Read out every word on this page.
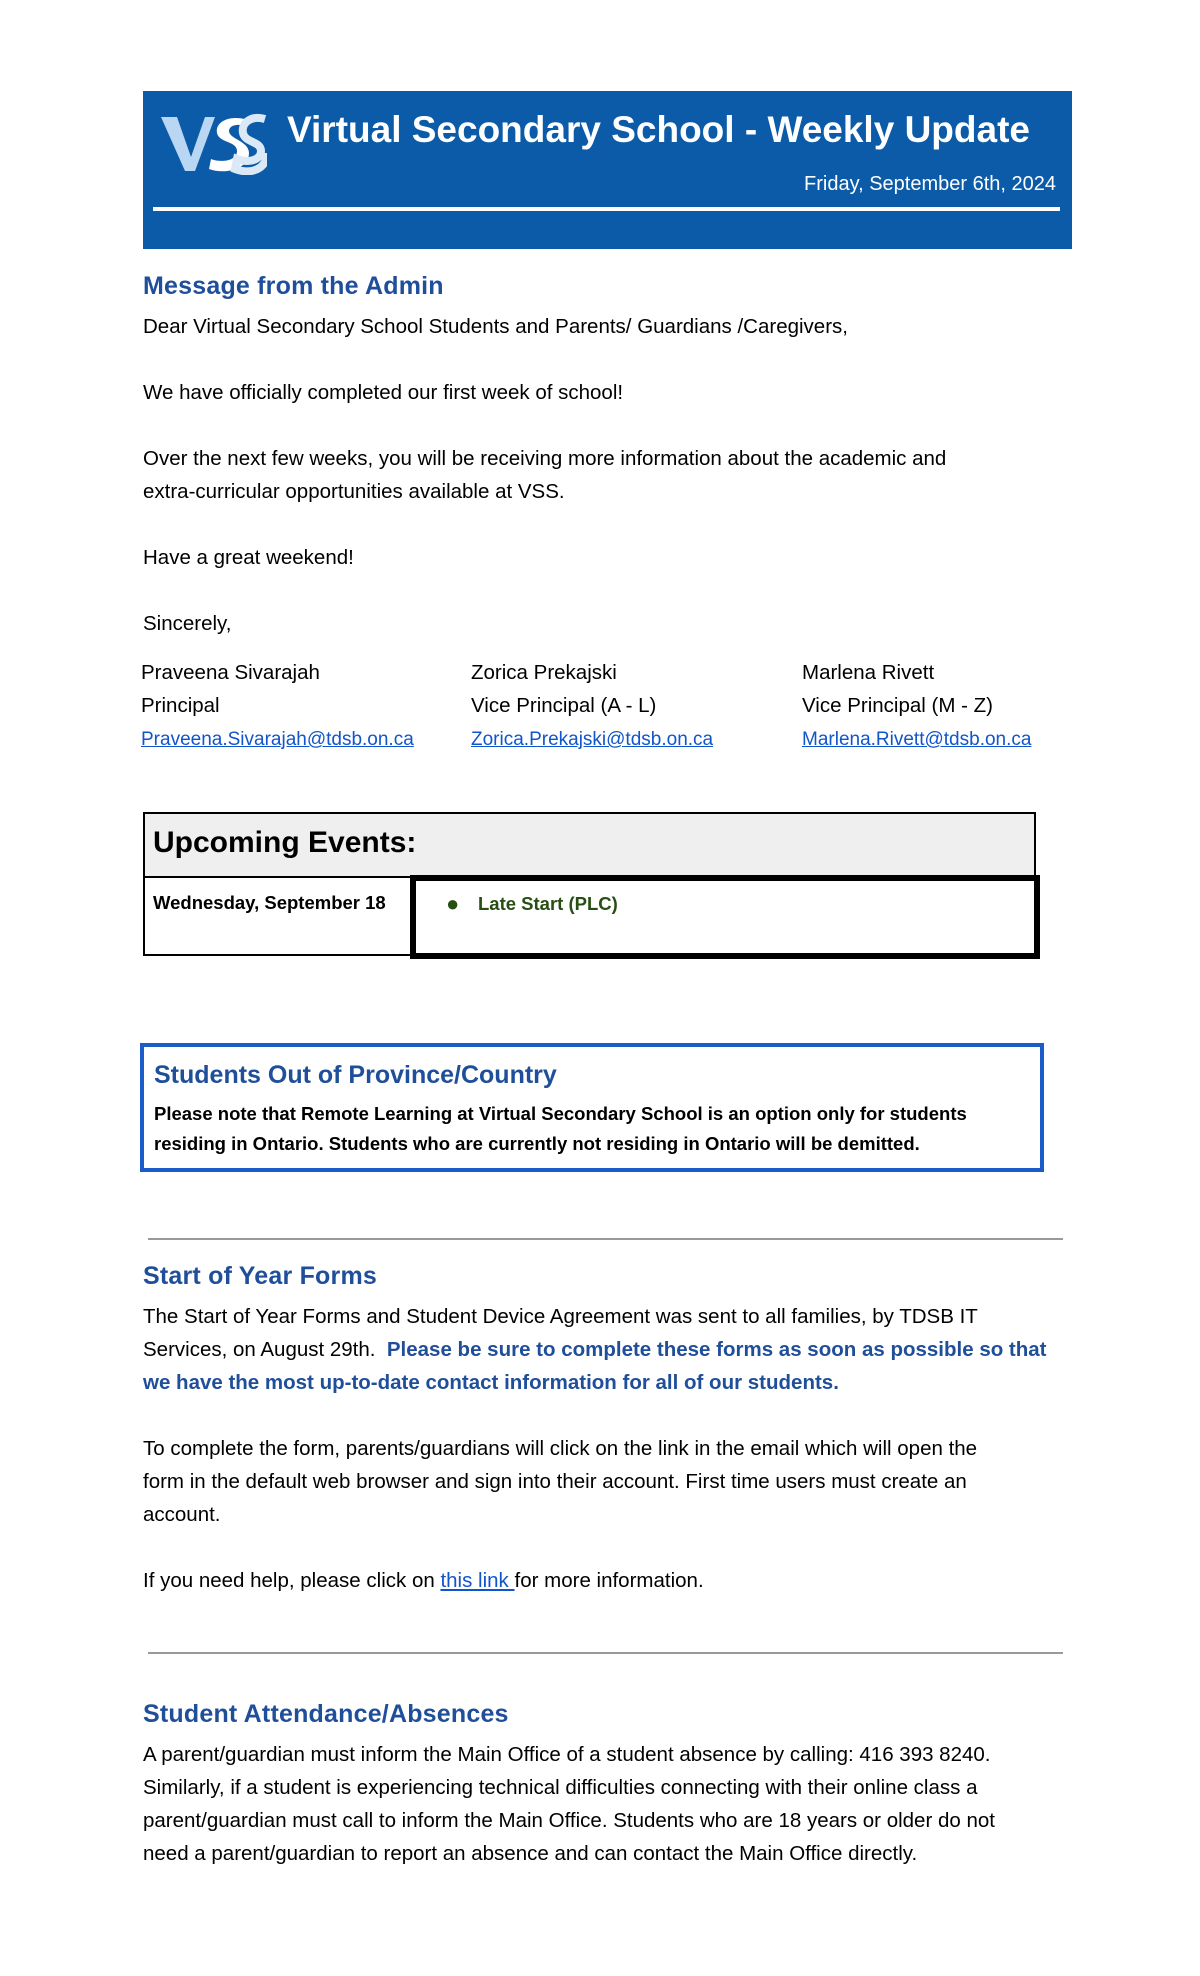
Virtual Secondary School - Weekly Update
Friday, September 6th, 2024
Message from the Admin

Dear Virtual Secondary School Students and Parents/ Guardians /Caregivers,

We have officially completed our first week of school!

Over the next few weeks, you will be receiving more information about the academic and

extra-curricular opportunities available at VSS.

Have a great weekend!

Sincerely,

Praveena Sivarajah
Principal
Praveena.Sivarajah@tdsb.on.ca
Zorica Prekajski
Vice Principal (A - L)
Zorica.Prekajski@tdsb.on.ca
Marlena Rivett
Vice Principal (M - Z)
Marlena.Rivett@tdsb.on.ca
Upcoming Events:
Wednesday, September 18	● Late Start (PLC)
Students Out of Province/Country

Please note that Remote Learning at Virtual Secondary School is an option only for students
residing in Ontario. Students who are currently not residing in Ontario will be demitted.

Start of Year Forms

The Start of Year Forms and Student Device Agreement was sent to all families, by TDSB IT

Services, on August 29th.  Please be sure to complete these forms as soon as possible so that

we have the most up-to-date contact information for all of our students.

To complete the form, parents/guardians will click on the link in the email which will open the

form in the default web browser and sign into their account. First time users must create an

account.

If you need help, please click on this link for more information.

Student Attendance/Absences

A parent/guardian must inform the Main Office of a student absence by calling: 416 393 8240.

Similarly, if a student is experiencing technical difficulties connecting with their online class a

parent/guardian must call to inform the Main Office. Students who are 18 years or older do not

need a parent/guardian to report an absence and can contact the Main Office directly.
